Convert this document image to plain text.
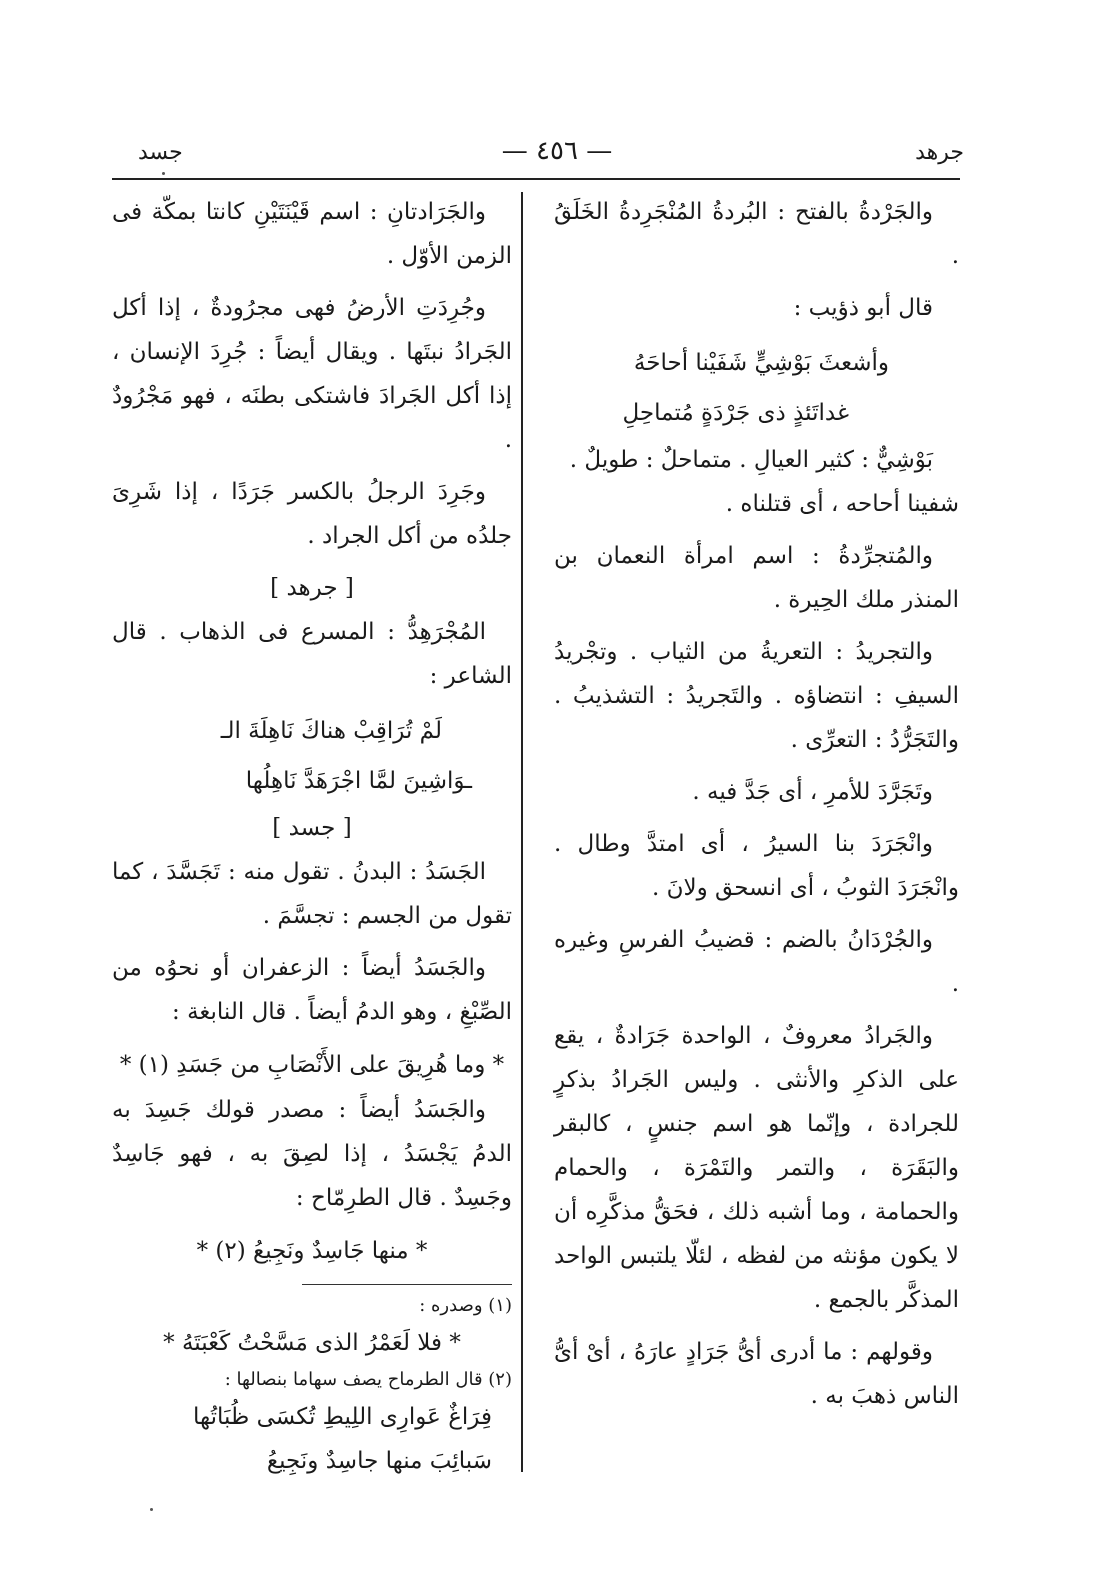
جرهد
— ٤٥٦ —
جسد

والجَرْدةُ بالفتح : البُردةُ المُنْجَرِدةُ الخَلَقُ .

قال أبو ذؤيب :

وأشعثَ بَوْشِيٍّ شَفَيْنا أحاحَهُ
غداتَئذٍ ذى جَرْدَةٍ مُتماحِلِ

بَوْشِيٌّ : كثير العيالِ . متماحلٌ : طويلٌ .

شفينا أحاحه ، أى قتلناه .

والمُتجرِّدةُ : اسم امرأة النعمان بن المنذر ملك الحِيرة .

والتجريدُ : التعريةُ من الثياب . وتجْريدُ السيفِ : انتضاؤه . والتَجريدُ : التشذيبُ . والتَجَرُّدُ : التعرِّى .

وتَجَرَّدَ للأمرِ ، أى جَدَّ فيه .

وانْجَرَدَ بنا السيرُ ، أى امتدَّ وطال . وانْجَرَدَ الثوبُ ، أى انسحق ولانَ .

والجُرْدَانُ بالضم : قضيبُ الفرسِ وغيره .

والجَرادُ معروفٌ ، الواحدة جَرَادةٌ ، يقع على الذكرِ والأنثى . وليس الجَرادُ بذكرٍ للجرادة ، وإنّما هو اسم جنسٍ ، كالبقر والبَقَرَة ، والتمر والتَمْرَة ، والحمام والحمامة ، وما أشبه ذلك ، فحَقُّ مذكَّرِه أن لا يكون مؤنثه من لفظه ، لئلّا يلتبس الواحد المذكَّر بالجمع .

وقولهم : ما أدرى أىُّ جَرَادٍ عارَهُ ، أىْ أىُّ الناس ذهبَ به .

والجَرَادتانِ : اسم قَيْنَتَيْنِ كانتا بمكّة فى الزمن الأوّل .

وجُرِدَتِ الأرضُ فهى مجرُودةٌ ، إذا أكل الجَرادُ نبتَها . ويقال أيضاً : جُرِدَ الإنسان ، إذا أكل الجَرادَ فاشتكى بطنَه ، فهو مَجْرُودٌ .

وجَرِدَ الرجلُ بالكسر جَرَدًا ، إذا شَرِىَ جلدُه من أكل الجراد .

[ جرهد ]

المُجْرَهِدُّ : المسرع فى الذهاب . قال الشاعر :

لَمْ تُرَاقِبْ هناكَ نَاهِلَةَ الـ
ـوَاشِينَ لمَّا اجْرَهَدَّ نَاهِلُها
[ جسد ]

الجَسَدُ : البدنُ . تقول منه : تَجَسَّدَ ، كما تقول من الجسم : تجسَّمَ .

والجَسَدُ أيضاً : الزعفران أو نحوُه من الصِّبْغِ ، وهو الدمُ أيضاً . قال النابغة :

* وما هُرِيقَ على الأَنْصَابِ من جَسَدِ (١) *

والجَسَدُ أيضاً : مصدر قولك جَسِدَ به الدمُ يَجْسَدُ ، إذا لصِقَ به ، فهو جَاسِدٌ وجَسِدٌ . قال الطرِمّاح :

* منها جَاسِدٌ ونَجِيعُ (٢) *
(١) وصدره :
* فلا لَعَمْرُ الذى مَسَّحْتُ كَعْبَتَهُ *
(٢) قال الطرماح يصف سهاما بنصالها :
فِرَاغٌ عَوارِى اللِيطِ تُكسَى ظُبَاتُها
سَبائِبَ منها جاسِدٌ ونَجِيعُ
